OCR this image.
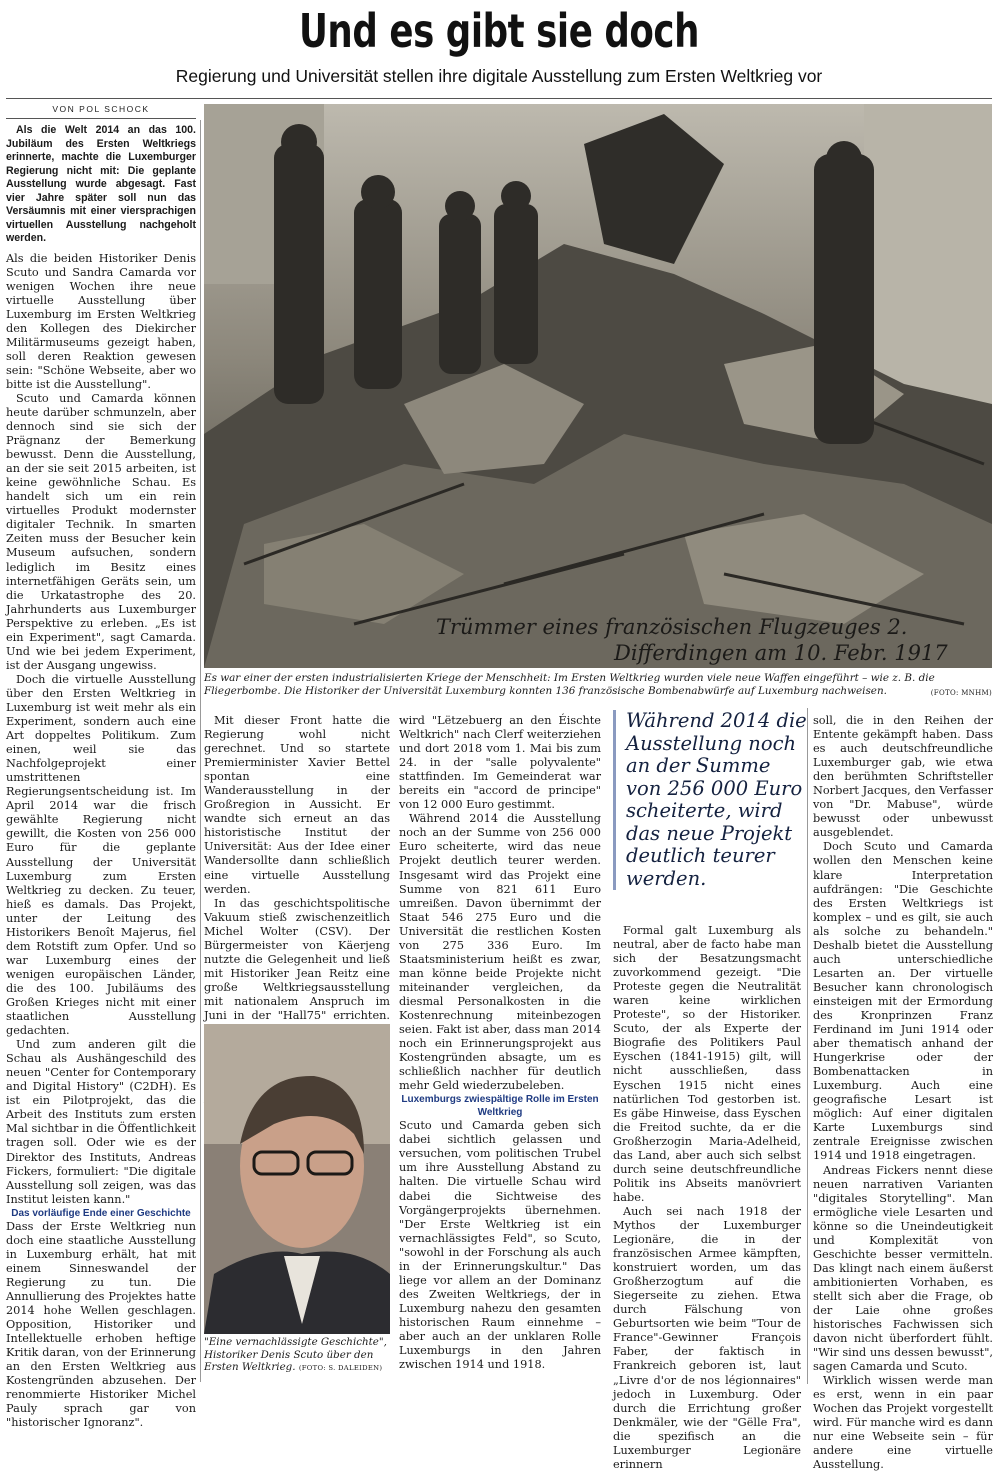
Und es gibt sie doch
Regierung und Universität stellen ihre digitale Ausstellung zum Ersten Weltkrieg vor
VON POL SCHOCK

Als die Welt 2014 an das 100. Jubiläum des Ersten Weltkriegs erinnerte, machte die Luxemburger Regierung nicht mit: Die geplante Ausstellung wurde abgesagt. Fast vier Jahre später soll nun das Versäumnis mit einer viersprachigen virtuellen Ausstellung nachgeholt werden.

Als die beiden Historiker Denis Scuto und Sandra Camarda vor wenigen Wochen ihre neue virtuelle Ausstellung über Luxemburg im Ersten Weltkrieg den Kollegen des Diekircher Militärmuseums gezeigt haben, soll deren Reaktion gewesen sein: "Schöne Webseite, aber wo bitte ist die Ausstellung".

Scuto und Camarda können heute darüber schmunzeln, aber dennoch sind sie sich der Prägnanz der Bemerkung bewusst. Denn die Ausstellung, an der sie seit 2015 arbeiten, ist keine gewöhnliche Schau. Es handelt sich um ein rein virtuelles Produkt modernster digitaler Technik. In smarten Zeiten muss der Besucher kein Museum aufsuchen, sondern lediglich im Besitz eines internetfähigen Geräts sein, um die Urkatastrophe des 20. Jahrhunderts aus Luxemburger Perspektive zu erleben. „Es ist ein Experiment", sagt Camarda. Und wie bei jedem Experiment, ist der Ausgang ungewiss.

Doch die virtuelle Ausstellung über den Ersten Weltkrieg in Luxemburg ist weit mehr als ein Experiment, sondern auch eine Art doppeltes Politikum. Zum einen, weil sie das Nachfolgeprojekt einer umstrittenen Regierungsentscheidung ist. Im April 2014 war die frisch gewählte Regierung nicht gewillt, die Kosten von 256 000 Euro für die geplante Ausstellung der Universität Luxemburg zum Ersten Weltkrieg zu decken. Zu teuer, hieß es damals. Das Projekt, unter der Leitung des Historikers Benoît Majerus, fiel dem Rotstift zum Opfer. Und so war Luxemburg eines der wenigen europäischen Länder, die des 100. Jubiläums des Großen Krieges nicht mit einer staatlichen Ausstellung gedachten.

Und zum anderen gilt die Schau als Aushängeschild des neuen "Center for Contemporary and Digital History" (C2DH). Es ist ein Pilotprojekt, das die Arbeit des Instituts zum ersten Mal sichtbar in die Öffentlichkeit tragen soll. Oder wie es der Direktor des Instituts, Andreas Fickers, formuliert: "Die digitale Ausstellung soll zeigen, was das Institut leisten kann."

Das vorläufige Ende einer Geschichte

Dass der Erste Weltkrieg nun doch eine staatliche Ausstellung in Luxemburg erhält, hat mit einem Sinneswandel der Regierung zu tun. Die Annullierung des Projektes hatte 2014 hohe Wellen geschlagen. Opposition, Historiker und Intellektuelle erhoben heftige Kritik daran, von der Erinnerung an den Ersten Weltkrieg aus Kostengründen abzusehen. Der renommierte Historiker Michel Pauly sprach gar von "historischer Ignoranz".

Trümmer eines französischen Flugzeuges 2.
Differdingen am 10. Febr. 1917
Es war einer der ersten industrialisierten Kriege der Menschheit: Im Ersten Weltkrieg wurden viele neue Waffen eingeführt – wie z. B. die Fliegerbombe. Die Historiker der Universität Luxemburg konnten 136 französische Bombenabwürfe auf Luxemburg nachweisen.	(FOTO: MNHM)

Mit dieser Front hatte die Regierung wohl nicht gerechnet. Und so startete Premierminister Xavier Bettel spontan eine Wanderausstellung in der Großregion in Aussicht. Er wandte sich erneut an das historistische Institut der Universität: Aus der Idee einer Wandersollte dann schließlich eine virtuelle Ausstellung werden.

In das geschichtspolitische Vakuum stieß zwischenzeitlich Michel Wolter (CSV). Der Bürgermeister von Käerjeng nutzte die Gelegenheit und ließ mit Historiker Jean Reitz eine große Weltkriegsausstellung mit nationalem Anspruch im Juni in der "Hall75" errichten.

"Eine vernachlässigte Geschichte", Historiker Denis Scuto über den Ersten Weltkrieg. (FOTO: S. DALEIDEN)

wird "Lëtzebuerg an den Éischte Weltkrich" nach Clerf weiterziehen und dort 2018 vom 1. Mai bis zum 24. in der "salle polyvalente" stattfinden. Im Gemeinderat war bereits ein "accord de principe" von 12 000 Euro gestimmt.

Während 2014 die Ausstellung noch an der Summe von 256 000 Euro scheiterte, wird das neue Projekt deutlich teurer werden. Insgesamt wird das Projekt eine Summe von 821 611 Euro umreißen. Davon übernimmt der Staat 546 275 Euro und die Universität die restlichen Kosten von 275 336 Euro. Im Staatsministerium heißt es zwar, man könne beide Projekte nicht miteinander vergleichen, da diesmal Personalkosten in die Kostenrechnung miteinbezogen seien. Fakt ist aber, dass man 2014 noch ein Erinnerungsprojekt aus Kostengründen absagte, um es schließlich nachher für deutlich mehr Geld wiederzubeleben.

Luxemburgs zwiespältige Rolle im Ersten Weltkrieg

Scuto und Camarda geben sich dabei sichtlich gelassen und versuchen, vom politischen Trubel um ihre Ausstellung Abstand zu halten. Die virtuelle Schau wird dabei die Sichtweise des Vorgängerprojekts übernehmen. "Der Erste Weltkrieg ist ein vernachlässigtes Feld", so Scuto, "sowohl in der Forschung als auch in der Erinnerungskultur." Das liege vor allem an der Dominanz des Zweiten Weltkriegs, der in Luxemburg nahezu den gesamten historischen Raum einnehme – aber auch an der unklaren Rolle Luxemburgs in den Jahren zwischen 1914 und 1918.

Während 2014 die Ausstellung noch an der Summe von 256 000 Euro scheiterte, wird das neue Projekt deutlich teurer werden.

Formal galt Luxemburg als neutral, aber de facto habe man sich der Besatzungsmacht zuvorkommend gezeigt. "Die Proteste gegen die Neutralität waren keine wirklichen Proteste", so der Historiker. Scuto, der als Experte der Biografie des Politikers Paul Eyschen (1841-1915) gilt, will nicht ausschließen, dass Eyschen 1915 nicht eines natürlichen Tod gestorben ist. Es gäbe Hinweise, dass Eyschen die Freitod suchte, da er die Großherzogin Maria-Adelheid, das Land, aber auch sich selbst durch seine deutschfreundliche Politik ins Abseits manövriert habe.

Auch sei nach 1918 der Mythos der Luxemburger Legionäre, die in der französischen Armee kämpften, konstruiert worden, um das Großherzogtum auf die Siegerseite zu ziehen. Etwa durch Fälschung von Geburtsorten wie beim "Tour de France"-Gewinner François Faber, der faktisch in Frankreich geboren ist, laut „Livre d'or de nos légionnaires" jedoch in Luxemburg. Oder durch die Errichtung großer Denkmäler, wie der "Gëlle Fra", die spezifisch an die Luxemburger Legionäre erinnern

soll, die in den Reihen der Entente gekämpft haben. Dass es auch deutschfreundliche Luxemburger gab, wie etwa den berühmten Schriftsteller Norbert Jacques, den Verfasser von "Dr. Mabuse", würde bewusst oder unbewusst ausgeblendet.

Doch Scuto und Camarda wollen den Menschen keine klare Interpretation aufdrängen: "Die Geschichte des Ersten Weltkriegs ist komplex – und es gilt, sie auch als solche zu behandeln." Deshalb bietet die Ausstellung auch unterschiedliche Lesarten an. Der virtuelle Besucher kann chronologisch einsteigen mit der Ermordung des Kronprinzen Franz Ferdinand im Juni 1914 oder aber thematisch anhand der Hungerkrise oder der Bombenattacken in Luxemburg. Auch eine geografische Lesart ist möglich: Auf einer digitalen Karte Luxemburgs sind zentrale Ereignisse zwischen 1914 und 1918 eingetragen.

Andreas Fickers nennt diese neuen narrativen Varianten "digitales Storytelling". Man ermögliche viele Lesarten und könne so die Uneindeutigkeit und Komplexität von Geschichte besser vermitteln. Das klingt nach einem äußerst ambitionierten Vorhaben, es stellt sich aber die Frage, ob der Laie ohne großes historisches Fachwissen sich davon nicht überfordert fühlt. "Wir sind uns dessen bewusst", sagen Camarda und Scuto.

Wirklich wissen werde man es erst, wenn in ein paar Wochen das Projekt vorgestellt wird. Für manche wird es dann nur eine Webseite sein – für andere eine virtuelle Ausstellung.
